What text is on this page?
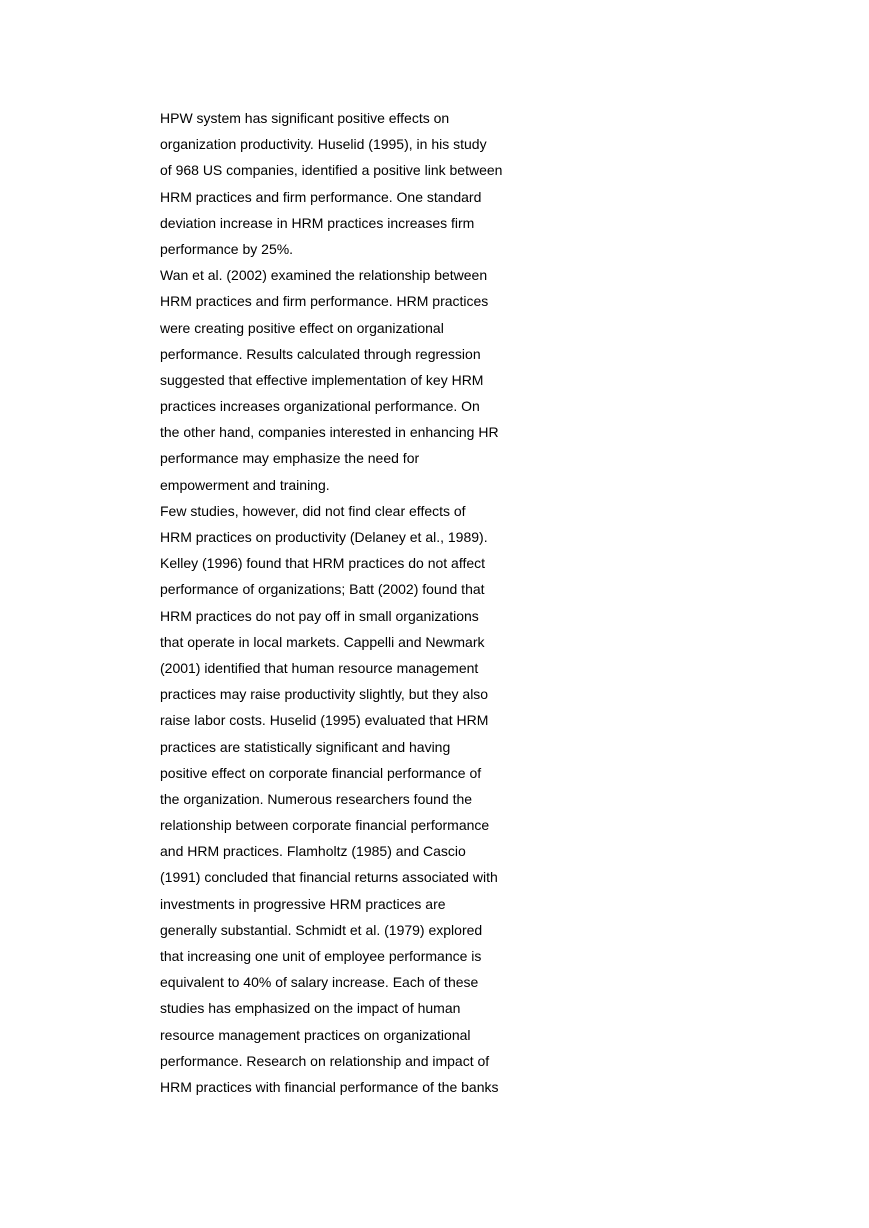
HPW system has significant positive effects on
organization productivity. Huselid (1995), in his study
of 968 US companies, identified a positive link between
HRM practices and firm performance. One standard
deviation increase in HRM practices increases firm
performance by 25%.
Wan et al. (2002) examined the relationship between
HRM practices and firm performance. HRM practices
were creating positive effect on organizational
performance. Results calculated through regression
suggested that effective implementation of key HRM
practices increases organizational performance. On
the other hand, companies interested in enhancing HR
performance may emphasize the need for
empowerment and training.
Few studies, however, did not find clear effects of
HRM practices on productivity (Delaney et al., 1989).
Kelley (1996) found that HRM practices do not affect
performance of organizations; Batt (2002) found that
HRM practices do not pay off in small organizations
that operate in local markets. Cappelli and Newmark
(2001) identified that human resource management
practices may raise productivity slightly, but they also
raise labor costs. Huselid (1995) evaluated that HRM
practices are statistically significant and having
positive effect on corporate financial performance of
the organization. Numerous researchers found the
relationship between corporate financial performance
and HRM practices. Flamholtz (1985) and Cascio
(1991) concluded that financial returns associated with
investments in progressive HRM practices are
generally substantial. Schmidt et al. (1979) explored
that increasing one unit of employee performance is
equivalent to 40% of salary increase. Each of these
studies has emphasized on the impact of human
resource management practices on organizational
performance. Research on relationship and impact of
HRM practices with financial performance of the banks
